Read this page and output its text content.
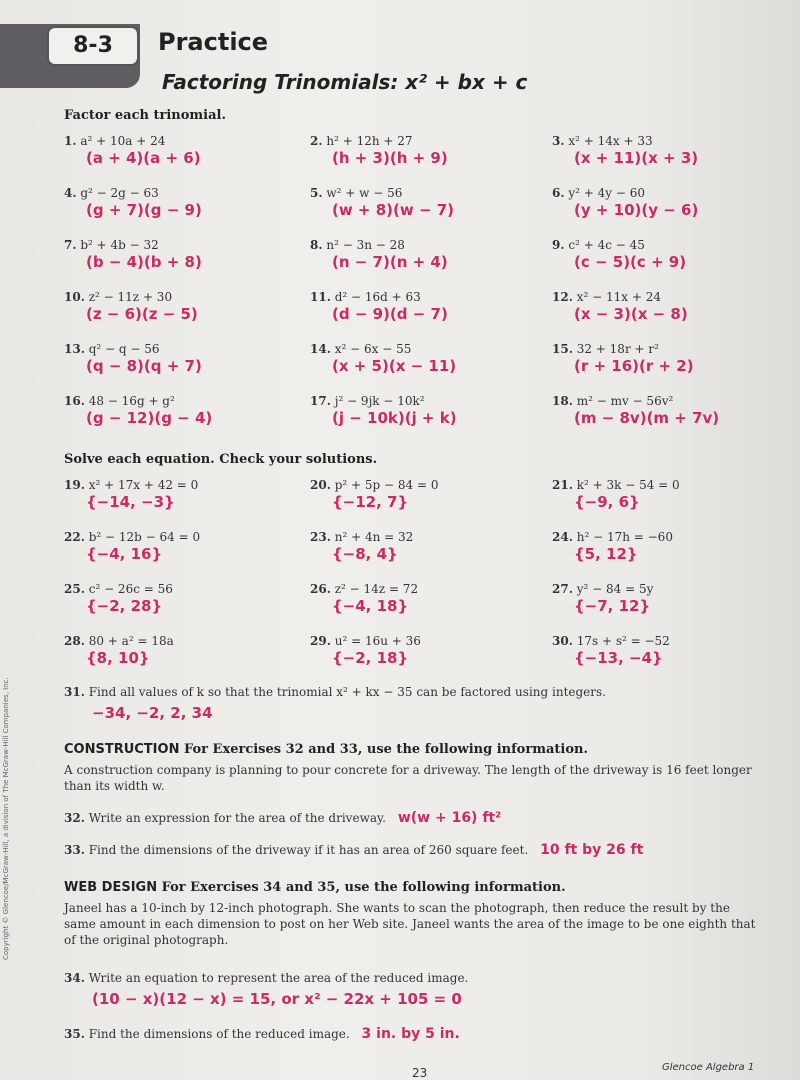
8-3	Practice
Factoring Trinomials: x² + bx + c
Factor each trinomial.
1. a² + 10a + 24
(a + 4)(a + 6)
2. h² + 12h + 27
(h + 3)(h + 9)
3. x² + 14x + 33
(x + 11)(x + 3)
4. g² − 2g − 63
(g + 7)(g − 9)
5. w² + w − 56
(w + 8)(w − 7)
6. y² + 4y − 60
(y + 10)(y − 6)
7. b² + 4b − 32
(b − 4)(b + 8)
8. n² − 3n − 28
(n − 7)(n + 4)
9. c² + 4c − 45
(c − 5)(c + 9)
10. z² − 11z + 30
(z − 6)(z − 5)
11. d² − 16d + 63
(d − 9)(d − 7)
12. x² − 11x + 24
(x − 3)(x − 8)
13. q² − q − 56
(q − 8)(q + 7)
14. x² − 6x − 55
(x + 5)(x − 11)
15. 32 + 18r + r²
(r + 16)(r + 2)
16. 48 − 16g + g²
(g − 12)(g − 4)
17. j² − 9jk − 10k²
(j − 10k)(j + k)
18. m² − mv − 56v²
(m − 8v)(m + 7v)
Solve each equation. Check your solutions.
19. x² + 17x + 42 = 0
{−14, −3}
20. p² + 5p − 84 = 0
{−12, 7}
21. k² + 3k − 54 = 0
{−9, 6}
22. b² − 12b − 64 = 0
{−4, 16}
23. n² + 4n = 32
{−8, 4}
24. h² − 17h = −60
{5, 12}
25. c² − 26c = 56
{−2, 28}
26. z² − 14z = 72
{−4, 18}
27. y² − 84 = 5y
{−7, 12}
28. 80 + a² = 18a
{8, 10}
29. u² = 16u + 36
{−2, 18}
30. 17s + s² = −52
{−13, −4}
31. Find all values of k so that the trinomial x² + kx − 35 can be factored using integers.
−34, −2, 2, 34
CONSTRUCTION For Exercises 32 and 33, use the following information.
A construction company is planning to pour concrete for a driveway. The length of the driveway is 16 feet longer than its width w.
32. Write an expression for the area of the driveway. w(w + 16) ft²
33. Find the dimensions of the driveway if it has an area of 260 square feet. 10 ft by 26 ft
WEB DESIGN For Exercises 34 and 35, use the following information.
Janeel has a 10-inch by 12-inch photograph. She wants to scan the photograph, then reduce the result by the same amount in each dimension to post on her Web site. Janeel wants the area of the image to be one eighth that of the original photograph.
34. Write an equation to represent the area of the reduced image.
(10 − x)(12 − x) = 15, or x² − 22x + 105 = 0
35. Find the dimensions of the reduced image. 3 in. by 5 in.
23	Glencoe Algebra 1
Copyright © Glencoe/McGraw-Hill, a division of The McGraw-Hill Companies, Inc.
